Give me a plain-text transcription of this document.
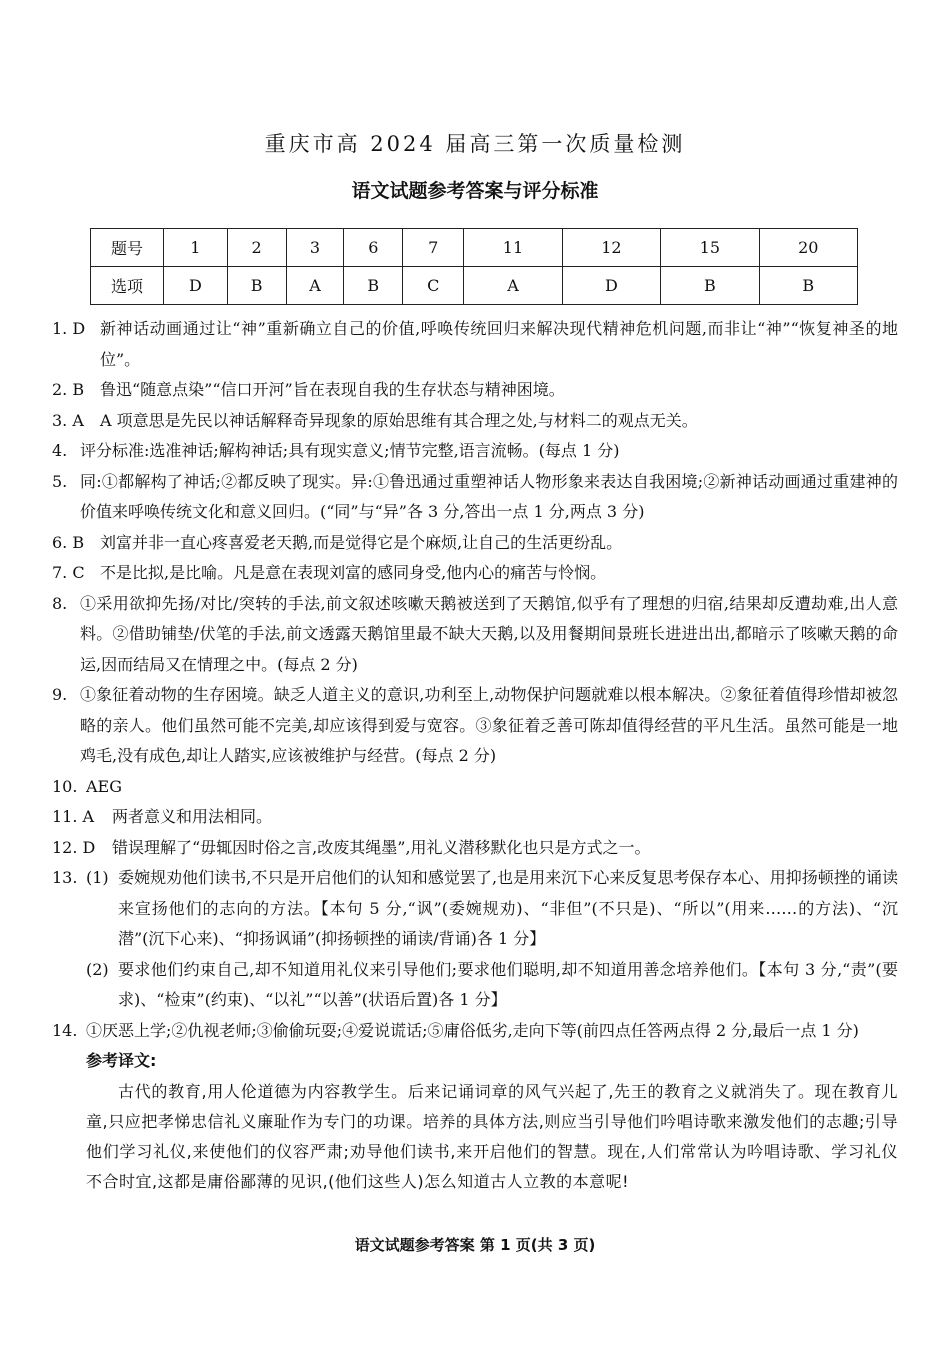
重庆市高 2024 届高三第一次质量检测
语文试题参考答案与评分标准
题号	1	2	3	6	7	11	12	15	20
选项	D	B	A	B	C	A	D	B	B
1. D 新神话动画通过让“神”重新确立自己的价值,呼唤传统回归来解决现代精神危机问题,而非让“神”“恢复神圣的地位”。
2. B 鲁迅“随意点染”“信口开河”旨在表现自我的生存状态与精神困境。
3. A	A 项意思是先民以神话解释奇异现象的原始思维有其合理之处,与材料二的观点无关。
4. 评分标准:选准神话;解构神话;具有现实意义;情节完整,语言流畅。(每点 1 分)
5. 同:①都解构了神话;②都反映了现实。异:①鲁迅通过重塑神话人物形象来表达自我困境;②新神话动画通过重建神的价值来呼唤传统文化和意义回归。(“同”与“异”各 3 分,答出一点 1 分,两点 3 分)
6. B 刘富并非一直心疼喜爱老天鹅,而是觉得它是个麻烦,让自己的生活更纷乱。
7. C 不是比拟,是比喻。凡是意在表现刘富的感同身受,他内心的痛苦与怜悯。
8. ①采用欲抑先扬/对比/突转的手法,前文叙述咳嗽天鹅被送到了天鹅馆,似乎有了理想的归宿,结果却反遭劫难,出人意料。②借助铺垫/伏笔的手法,前文透露天鹅馆里最不缺大天鹅,以及用餐期间景班长进进出出,都暗示了咳嗽天鹅的命运,因而结局又在情理之中。(每点 2 分)
9. ①象征着动物的生存困境。缺乏人道主义的意识,功利至上,动物保护问题就难以根本解决。②象征着值得珍惜却被忽略的亲人。他们虽然可能不完美,却应该得到爱与宽容。③象征着乏善可陈却值得经营的平凡生活。虽然可能是一地鸡毛,没有成色,却让人踏实,应该被维护与经营。(每点 2 分)
10. AEG
11. A	两者意义和用法相同。
12. D	错误理解了“毋辄因时俗之言,改废其绳墨”,用礼义潜移默化也只是方式之一。
13. (1) 委婉规劝他们读书,不只是开启他们的认知和感觉罢了,也是用来沉下心来反复思考保存本心、用抑扬顿挫的诵读来宣扬他们的志向的方法。【本句 5 分,“讽”(委婉规劝)、“非但”(不只是)、“所以”(用来……的方法)、“沉潜”(沉下心来)、“抑扬讽诵”(抑扬顿挫的诵读/背诵)各 1 分】
(2) 要求他们约束自己,却不知道用礼仪来引导他们;要求他们聪明,却不知道用善念培养他们。【本句 3 分,“责”(要求)、“检束”(约束)、“以礼”“以善”(状语后置)各 1 分】
14. ①厌恶上学;②仇视老师;③偷偷玩耍;④爱说谎话;⑤庸俗低劣,走向下等(前四点任答两点得 2 分,最后一点 1 分)
参考译文:
古代的教育,用人伦道德为内容教学生。后来记诵词章的风气兴起了,先王的教育之义就消失了。现在教育儿童,只应把孝悌忠信礼义廉耻作为专门的功课。培养的具体方法,则应当引导他们吟唱诗歌来激发他们的志趣;引导他们学习礼仪,来使他们的仪容严肃;劝导他们读书,来开启他们的智慧。现在,人们常常认为吟唱诗歌、学习礼仪不合时宜,这都是庸俗鄙薄的见识,(他们这些人)怎么知道古人立教的本意呢!
语文试题参考答案 第 1 页(共 3 页)
